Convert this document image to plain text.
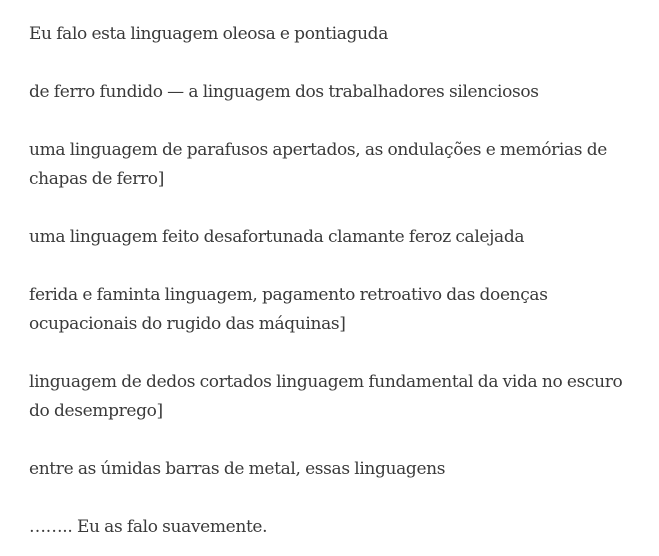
Eu falo esta linguagem oleosa e pontiaguda

de ferro fundido — a linguagem dos trabalhadores silenciosos

uma linguagem de parafusos apertados, as ondulações e memórias de chapas de ferro]

uma linguagem feito desafortunada clamante feroz calejada

ferida e faminta linguagem, pagamento retroativo das doenças ocupacionais do rugido das máquinas]

linguagem de dedos cortados linguagem fundamental da vida no escuro do desemprego]

entre as úmidas barras de metal, essas linguagens

…….. Eu as falo suavemente.
